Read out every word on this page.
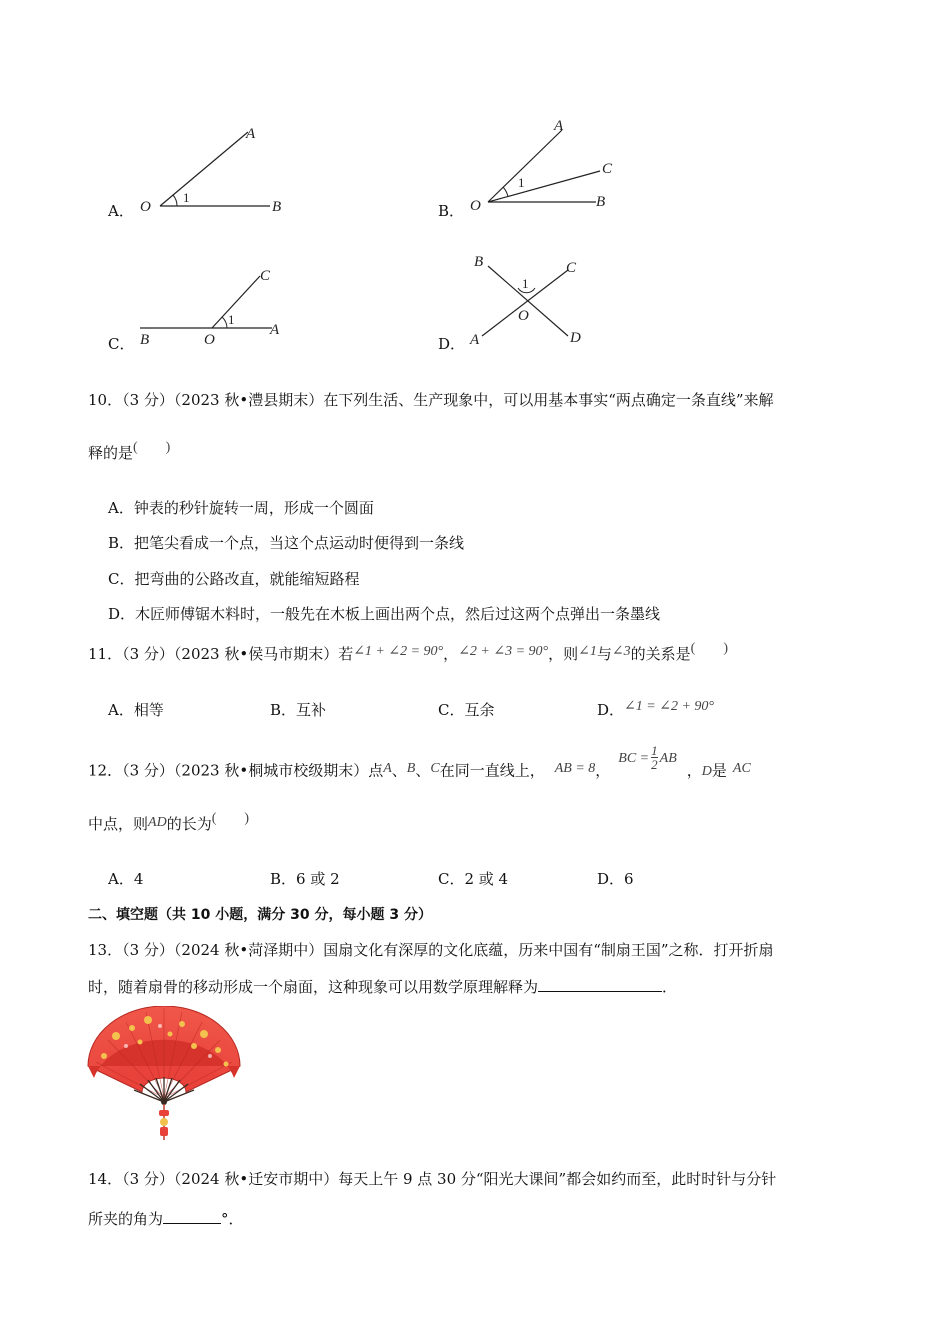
A． O
1
A
B	B． O
1
A
C
B
C． B	O
1
C
A
D．
B	C
1
O
A	D
10．（3 分）（2023 秋•澧县期末）在下列生活、生产现象中，可以用基本事实“两点确定一条直线”来解
释的是(　　)
A．钟表的秒针旋转一周，形成一个圆面
B．把笔尖看成一个点，当这个点运动时便得到一条线
C．把弯曲的公路改直，就能缩短路程
D．木匠师傅锯木料时，一般先在木板上画出两个点，然后过这两个点弹出一条墨线
11．（3 分）（2023 秋•侯马市期末）若∠1 + ∠2 = 90°，∠2 + ∠3 = 90°，则∠1与∠3的关系是(　　)
A．相等	B．互补	C．互余	D．∠1 = ∠2 + 90°
12．（3 分）（2023 秋•桐城市校级期末）点A、B、C在同一直线上， AB = 8，BC = $\frac{1}{2}$ AB，D是 AC
中点，则AD的长为(　　)
A．4	B．6 或 2	C．2 或 4	D．6
二、填空题（共 10 小题，满分 30 分，每小题 3 分）
13．（3 分）（2024 秋•菏泽期中）国扇文化有深厚的文化底蕴，历来中国有“制扇王国”之称．打开折扇
时，随着扇骨的移动形成一个扇面，这种现象可以用数学原理解释为	．
14．（3 分）（2024 秋•迁安市期中）每天上午 9 点 30 分“阳光大课间”都会如约而至，此时时针与分针
所夹的角为	°．
